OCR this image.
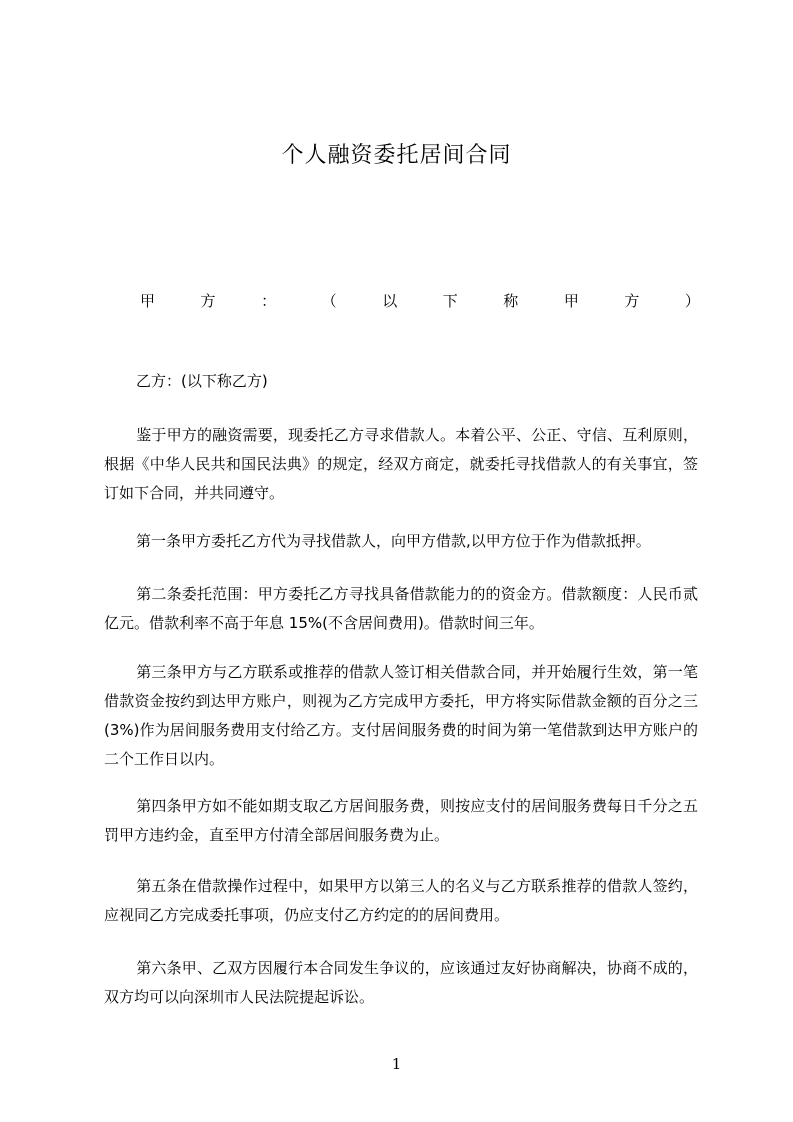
个人融资委托居间合同
甲	方	：	（	以	下	称	甲	方	）
乙方：(以下称乙方)

鉴于甲方的融资需要，现委托乙方寻求借款人。本着公平、公正、守信、互利原则，根据《中华人民共和国民法典》的规定，经双方商定，就委托寻找借款人的有关事宜，签订如下合同，并共同遵守。

第一条甲方委托乙方代为寻找借款人，向甲方借款,以甲方位于作为借款抵押。

第二条委托范围：甲方委托乙方寻找具备借款能力的的资金方。借款额度：人民币贰亿元。借款利率不高于年息 15%(不含居间费用)。借款时间三年。

第三条甲方与乙方联系或推荐的借款人签订相关借款合同，并开始履行生效，第一笔借款资金按约到达甲方账户，则视为乙方完成甲方委托，甲方将实际借款金额的百分之三(3%)作为居间服务费用支付给乙方。支付居间服务费的时间为第一笔借款到达甲方账户的二个工作日以内。

第四条甲方如不能如期支取乙方居间服务费，则按应支付的居间服务费每日千分之五罚甲方违约金，直至甲方付清全部居间服务费为止。

第五条在借款操作过程中，如果甲方以第三人的名义与乙方联系推荐的借款人签约，应视同乙方完成委托事项，仍应支付乙方约定的的居间费用。

第六条甲、乙双方因履行本合同发生争议的，应该通过友好协商解决，协商不成的，双方均可以向深圳市人民法院提起诉讼。

1
